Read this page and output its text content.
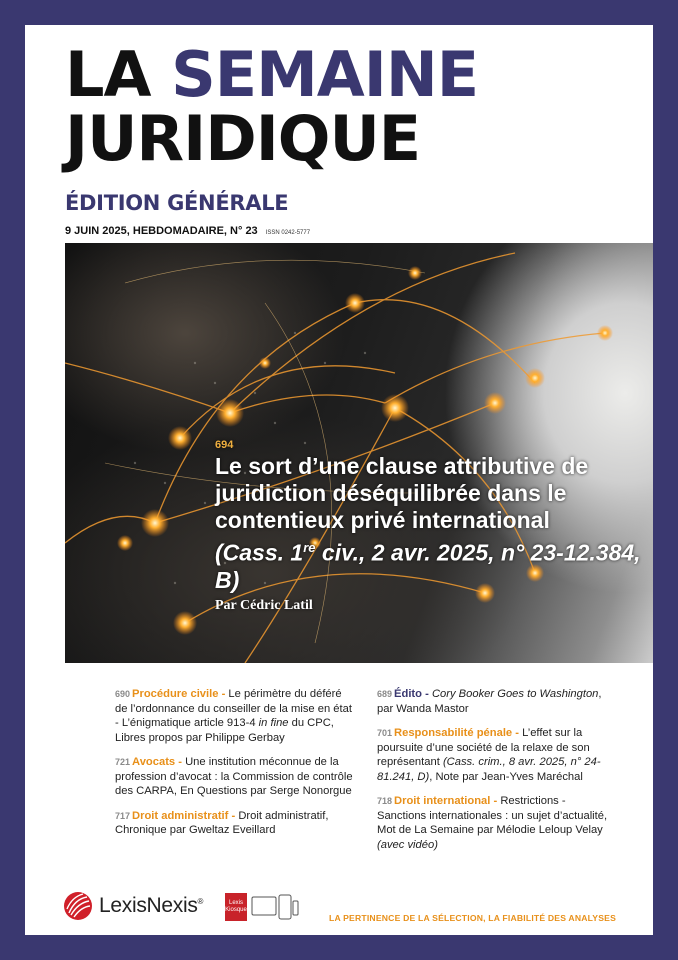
LA SEMAINE
JURIDIQUE
ÉDITION GÉNÉRALE
9 JUIN 2025, HEBDOMADAIRE, N° 23 ISSN 0242-5777
694
Le sort d’une clause attributive de juridiction déséquilibrée dans le contentieux privé international
(Cass. 1re civ., 2 avr. 2025, n° 23-12.384, B)
Par Cédric Latil
690 Procédure civile - Le périmètre du déféré de l’ordonnance du conseiller de la mise en état - L’énigmatique article 913-4 in fine du CPC, Libres propos par Philippe Gerbay
721 Avocats - Une institution méconnue de la profession d’avocat : la Commission de contrôle des CARPA, En Questions par Serge Nonorgue
717 Droit administratif - Droit administratif, Chronique par Gweltaz Eveillard
689 Édito - Cory Booker Goes to Washington, par Wanda Mastor
701 Responsabilité pénale - L’effet sur la poursuite d’une société de la relaxe de son représentant (Cass. crim., 8 avr. 2025, n° 24-81.241, D), Note par Jean-Yves Maréchal
718 Droit international - Restrictions - Sanctions internationales : un sujet d’actualité, Mot de La Semaine par Mélodie Leloup Velay (avec vidéo)
LexisNexis®	Lexis
Kiosque
LA PERTINENCE DE LA SÉLECTION, LA FIABILITÉ DES ANALYSES
